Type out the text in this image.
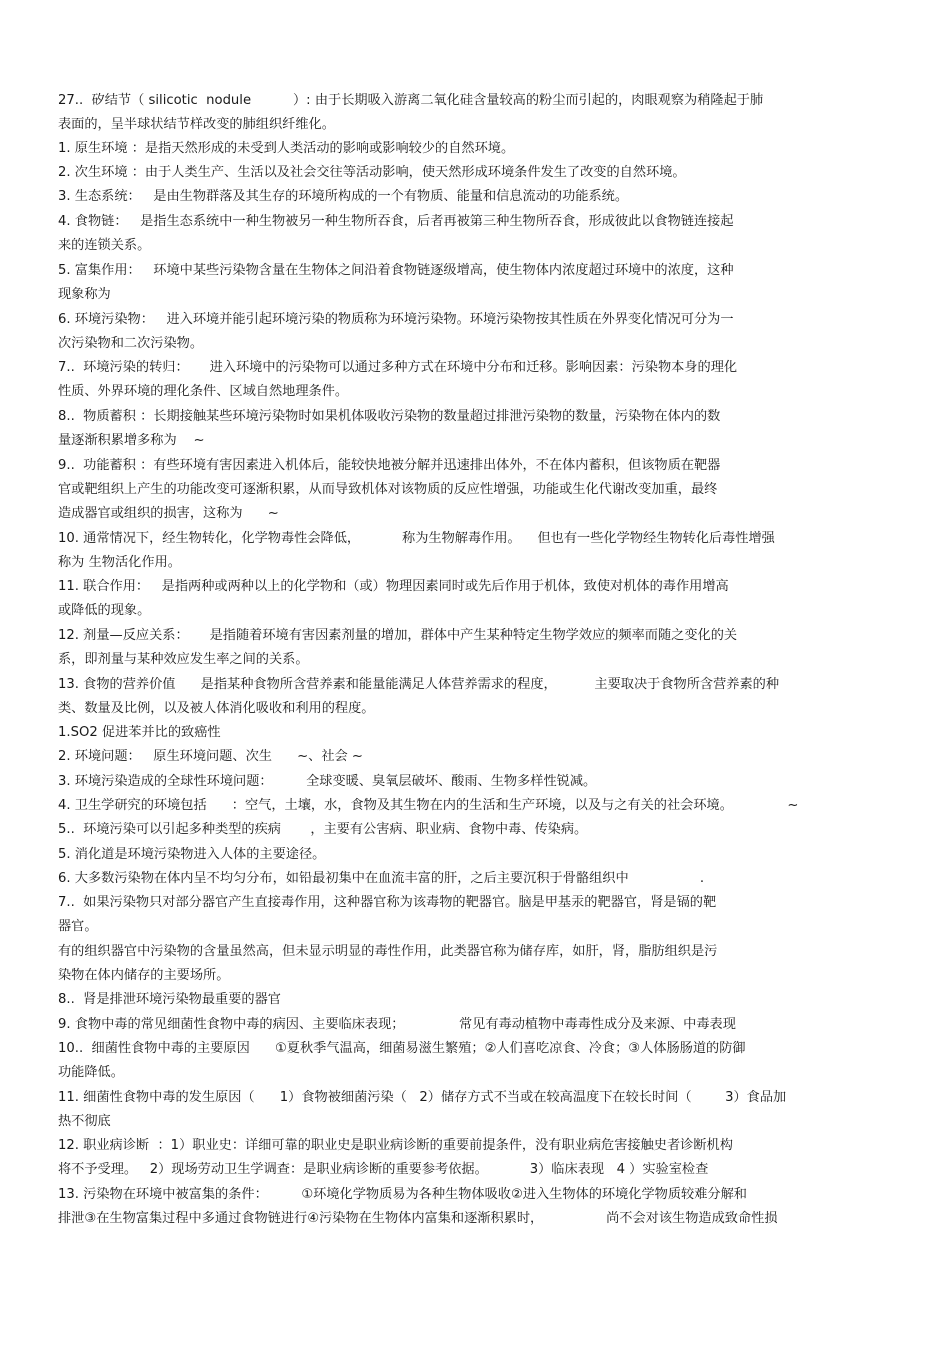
27..  矽结节（ silicotic  nodule          ）: 由于长期吸入游离二氧化硅含量较高的粉尘而引起的，肉眼观察为稍隆起于肺
表面的，呈半球状结节样改变的肺组织纤维化。
1. 原生环境 ：是指天然形成的未受到人类活动的影响或影响较少的自然环境。
2. 次生环境 ：由于人类生产、生活以及社会交往等活动影响，使天然形成环境条件发生了改变的自然环境。
3. 生态系统：   是由生物群落及其生存的环境所构成的一个有物质、能量和信息流动的功能系统。
4. 食物链：   是指生态系统中一种生物被另一种生物所吞食，后者再被第三种生物所吞食，形成彼此以食物链连接起
来的连锁关系。
5. 富集作用：   环境中某些污染物含量在生物体之间沿着食物链逐级增高，使生物体内浓度超过环境中的浓度，这种
现象称为
6. 环境污染物：   进入环境并能引起环境污染的物质称为环境污染物。环境污染物按其性质在外界变化情况可分为一
次污染物和二次污染物。
7..  环境污染的转归：     进入环境中的污染物可以通过多种方式在环境中分布和迁移。影响因素：污染物本身的理化
性质、外界环境的理化条件、区域自然地理条件。
8..  物质蓄积 ：长期接触某些环境污染物时如果机体吸收污染物的数量超过排泄污染物的数量，污染物在体内的数
量逐渐积累增多称为    ~
9..  功能蓄积 ：有些环境有害因素进入机体后，能较快地被分解并迅速排出体外，不在体内蓄积，但该物质在靶器
官或靶组织上产生的功能改变可逐渐积累，从而导致机体对该物质的反应性增强，功能或生化代谢改变加重，最终
造成器官或组织的损害，这称为      ~
10. 通常情况下，经生物转化，化学物毒性会降低，          称为生物解毒作用。    但也有一些化学物经生物转化后毒性增强
称为 生物活化作用。
11. 联合作用：   是指两种或两种以上的化学物和（或）物理因素同时或先后作用于机体，致使对机体的毒作用增高
或降低的现象。
12. 剂量—反应关系：     是指随着环境有害因素剂量的增加，群体中产生某种特定生物学效应的频率而随之变化的关
系，即剂量与某种效应发生率之间的关系。
13. 食物的营养价值      是指某种食物所含营养素和能量能满足人体营养需求的程度，         主要取决于食物所含营养素的种
类、数量及比例，以及被人体消化吸收和利用的程度。
1.SO2 促进苯并比的致癌性
2. 环境问题：   原生环境问题、次生      ~、社会 ~
3. 环境污染造成的全球性环境问题：        全球变暖、臭氧层破坏、酸雨、生物多样性锐减。
4. 卫生学研究的环境包括      ：空气，土壤，水，食物及其生物在内的生活和生产环境，以及与之有关的社会环境。             ~
5..  环境污染可以引起多种类型的疾病       ，主要有公害病、职业病、食物中毒、传染病。
5. 消化道是环境污染物进入人体的主要途径。
6. 大多数污染物在体内呈不均匀分布，如铅最初集中在血流丰富的肝，之后主要沉积于骨骼组织中                 .
7..  如果污染物只对部分器官产生直接毒作用，这种器官称为该毒物的靶器官。脑是甲基汞的靶器官，肾是镉的靶
器官。
有的组织器官中污染物的含量虽然高，但未显示明显的毒性作用，此类器官称为储存库，如肝，肾，脂肪组织是污
染物在体内储存的主要场所。
8..  肾是排泄环境污染物最重要的器官
9. 食物中毒的常见细菌性食物中毒的病因、主要临床表现；             常见有毒动植物中毒毒性成分及来源、中毒表现
10..  细菌性食物中毒的主要原因      ①夏秋季气温高，细菌易滋生繁殖；②人们喜吃凉食、冷食；③人体肠肠道的防御
功能降低。
11. 细菌性食物中毒的发生原因（      1）食物被细菌污染（   2）储存方式不当或在较高温度下在较长时间（        3）食品加
热不彻底
12. 职业病诊断  ：1）职业史：详细可靠的职业史是职业病诊断的重要前提条件，没有职业病危害接触史者诊断机构
将不予受理。   2）现场劳动卫生学调查：是职业病诊断的重要参考依据。          3）临床表现   4 ）实验室检查
13. 污染物在环境中被富集的条件：        ①环境化学物质易为各种生物体吸收②进入生物体的环境化学物质较难分解和
排泄③在生物富集过程中多通过食物链进行④污染物在生物体内富集和逐渐积累时，               尚不会对该生物造成致命性损
